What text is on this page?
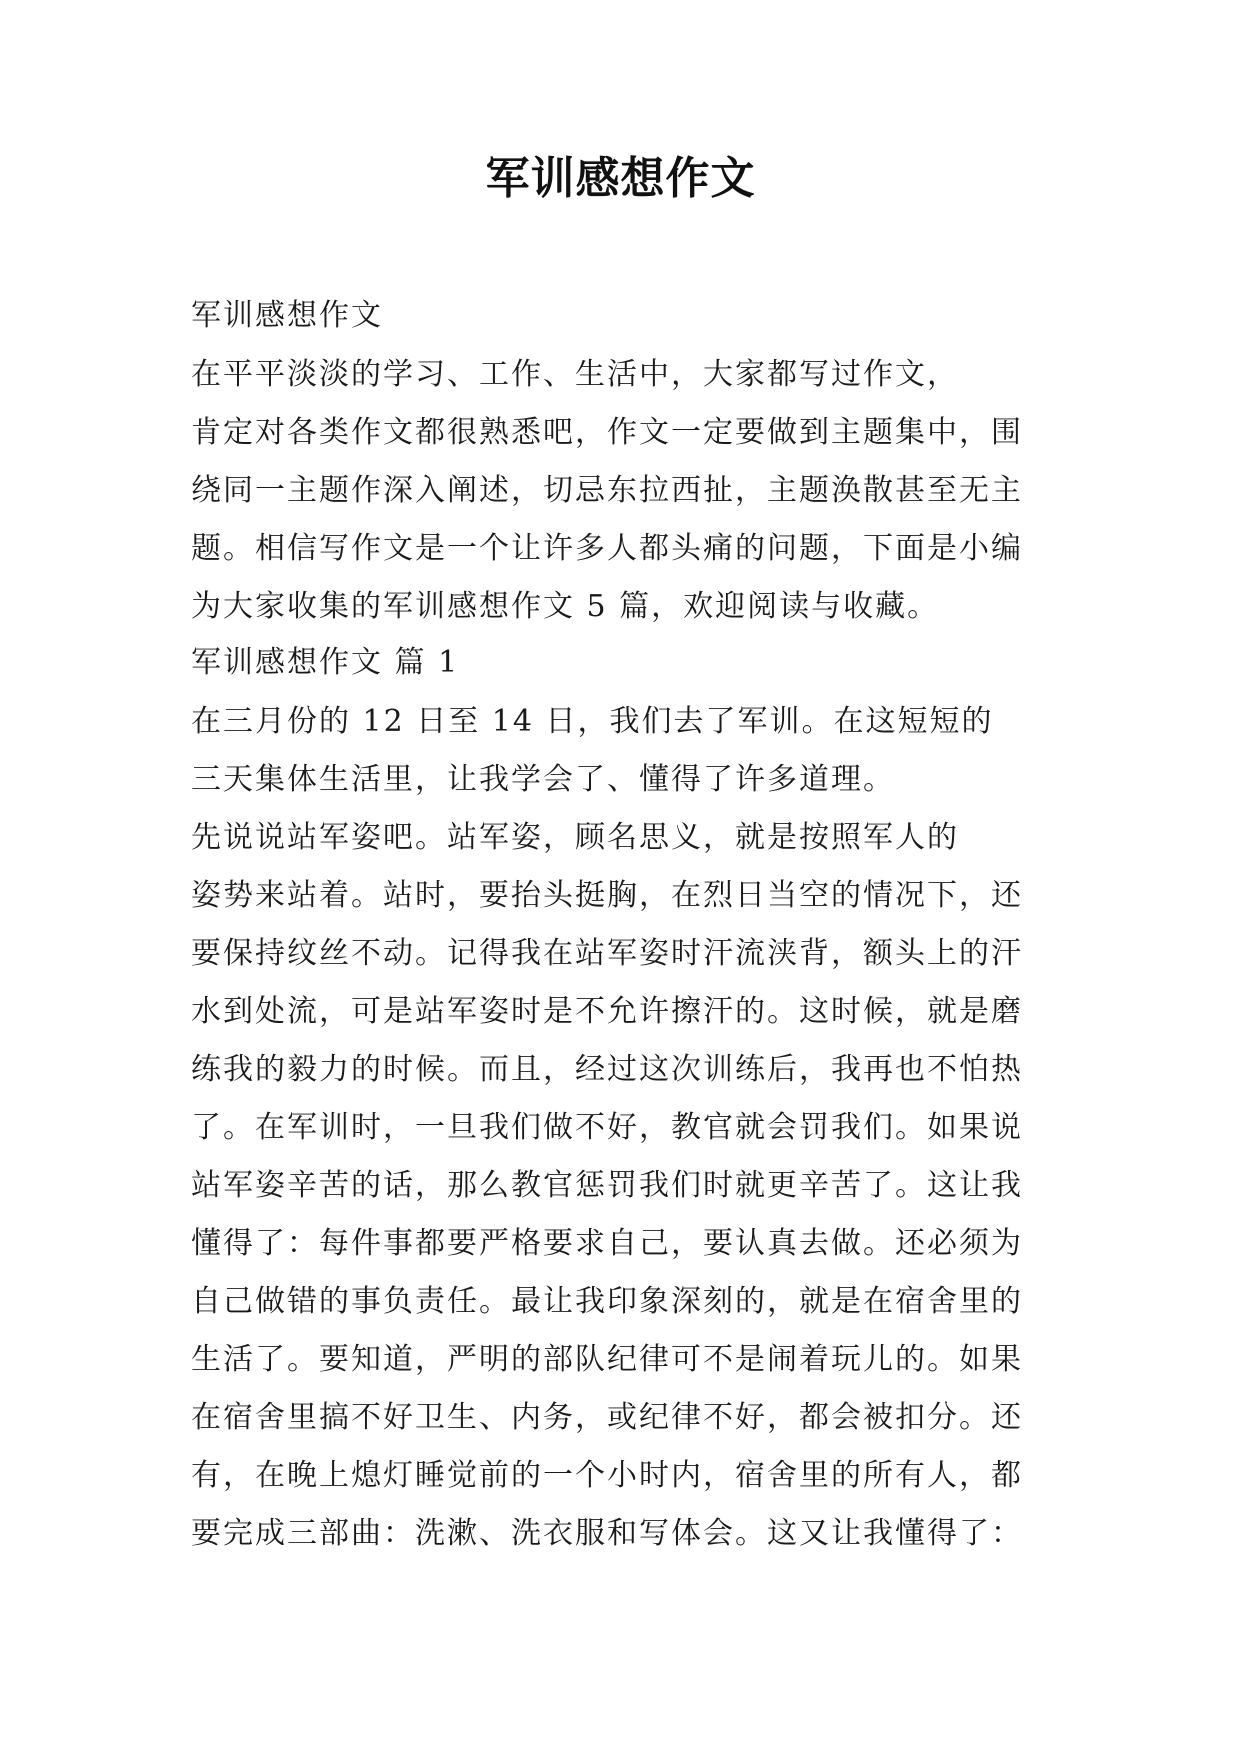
军训感想作文

军训感想作文

在平平淡淡的学习、工作、生活中，大家都写过作文，
肯定对各类作文都很熟悉吧，作文一定要做到主题集中，围
绕同一主题作深入阐述，切忌东拉西扯，主题涣散甚至无主
题。相信写作文是一个让许多人都头痛的问题，下面是小编
为大家收集的军训感想作文 5 篇，欢迎阅读与收藏。

军训感想作文 篇 1

在三月份的 12 日至 14 日，我们去了军训。在这短短的
三天集体生活里，让我学会了、懂得了许多道理。
先说说站军姿吧。站军姿，顾名思义，就是按照军人的
姿势来站着。站时，要抬头挺胸，在烈日当空的情况下，还
要保持纹丝不动。记得我在站军姿时汗流浃背，额头上的汗
水到处流，可是站军姿时是不允许擦汗的。这时候，就是磨
练我的毅力的时候。而且，经过这次训练后，我再也不怕热
了。在军训时，一旦我们做不好，教官就会罚我们。如果说
站军姿辛苦的话，那么教官惩罚我们时就更辛苦了。这让我
懂得了：每件事都要严格要求自己，要认真去做。还必须为
自己做错的事负责任。最让我印象深刻的，就是在宿舍里的
生活了。要知道，严明的部队纪律可不是闹着玩儿的。如果
在宿舍里搞不好卫生、内务，或纪律不好，都会被扣分。还
有，在晚上熄灯睡觉前的一个小时内，宿舍里的所有人，都
要完成三部曲：洗漱、洗衣服和写体会。这又让我懂得了：
